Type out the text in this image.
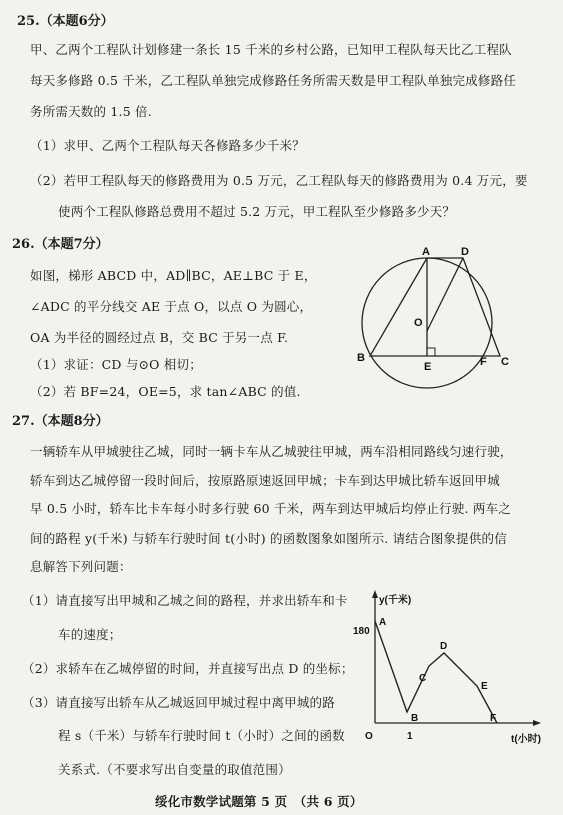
25.（本题6分）
甲、乙两个工程队计划修建一条长 15 千米的乡村公路，已知甲工程队每天比乙工程队
每天多修路 0.5 千米，乙工程队单独完成修路任务所需天数是甲工程队单独完成修路任
务所需天数的 1.5 倍.
（1）求甲、乙两个工程队每天各修路多少千米？
（2）若甲工程队每天的修路费用为 0.5 万元，乙工程队每天的修路费用为 0.4 万元，要
使两个工程队修路总费用不超过 5.2 万元，甲工程队至少修路多少天？
26.（本题7分）
如图，梯形 ABCD 中，AD∥BC，AE⊥BC 于 E，
∠ADC 的平分线交 AE 于点 O，以点 O 为圆心，
OA 为半径的圆经过点 B，交 BC 于另一点 F.
（1）求证：CD 与⊙O 相切；
（2）若 BF=24，OE=5，求 tan∠ABC 的值.
A	D
O
B
E	F C
27.（本题8分）
一辆轿车从甲城驶往乙城，同时一辆卡车从乙城驶往甲城，两车沿相同路线匀速行驶，
轿车到达乙城停留一段时间后，按原路原速返回甲城；卡车到达甲城比轿车返回甲城
早 0.5 小时，轿车比卡车每小时多行驶 60 千米，两车到达甲城后均停止行驶. 两车之
间的路程 y(千米) 与轿车行驶时间 t(小时) 的函数图象如图所示. 请结合图象提供的信
息解答下列问题：
（1）请直接写出甲城和乙城之间的路程，并求出轿车和卡
车的速度；
（2）求轿车在乙城停留的时间，并直接写出点 D 的坐标；
（3）请直接写出轿车从乙城返回甲城过程中离甲城的路
程 s（千米）与轿车行驶时间 t（小时）之间的函数
关系式.（不要求写出自变量的取值范围）
y(千米)
180
A
B
C
D
E
F
O	1	t(小时)
绥化市数学试题第 5 页　（共 6 页）
